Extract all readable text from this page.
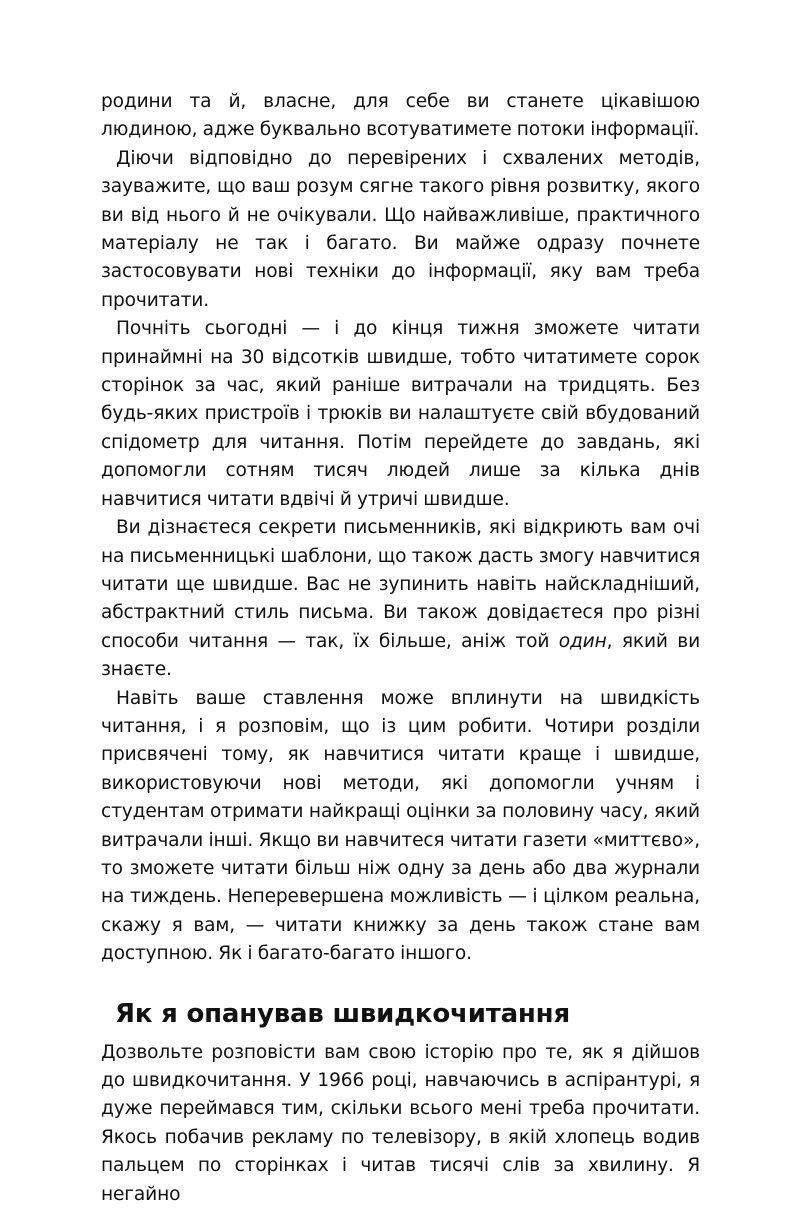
родини та й, власне, для себе ви станете цікавішою людиною, адже буквально всотуватимете потоки інформації.

Діючи відповідно до перевірених і схвалених методів, зауважите, що ваш розум сягне такого рівня розвитку, якого ви від нього й не очікували. Що найважливіше, практичного матеріалу не так і багато. Ви майже одразу почнете застосовувати нові техніки до інформації, яку вам треба прочитати.

Почніть сьогодні — і до кінця тижня зможете читати принаймні на 30 відсотків швидше, тобто читатимете сорок сторінок за час, який раніше витрачали на тридцять. Без будь-яких пристроїв і трюків ви налаштуєте свій вбудований спідометр для читання. Потім перейдете до завдань, які допомогли сотням тисяч людей лише за кілька днів навчитися читати вдвічі й утричі швидше.

Ви дізнаєтеся секрети письменників, які відкриють вам очі на письменницькі шаблони, що також дасть змогу навчитися читати ще швидше. Вас не зупинить навіть найскладніший, абстрактний стиль письма. Ви також довідаєтеся про різні способи читання — так, їх більше, аніж той один, який ви знаєте.

Навіть ваше ставлення може вплинути на швидкість читання, і я розповім, що із цим робити. Чотири розділи присвячені тому, як навчитися читати краще і швидше, використовуючи нові методи, які допомогли учням і студентам отримати найкращі оцінки за половину часу, який витрачали інші. Якщо ви навчитеся читати газети «миттєво», то зможете читати більш ніж одну за день або два журнали на тиждень. Неперевершена можливість — і цілком реальна, скажу я вам, — читати книжку за день також стане вам доступною. Як і багато-багато іншого.

Як я опанував швидкочитання

Дозвольте розповісти вам свою історію про те, як я дійшов до швидкочитання. У 1966 році, навчаючись в аспірантурі, я дуже переймався тим, скільки всього мені треба прочитати. Якось побачив рекламу по телевізору, в якій хлопець водив пальцем по сторінках і читав тисячі слів за хвилину. Я негайно
